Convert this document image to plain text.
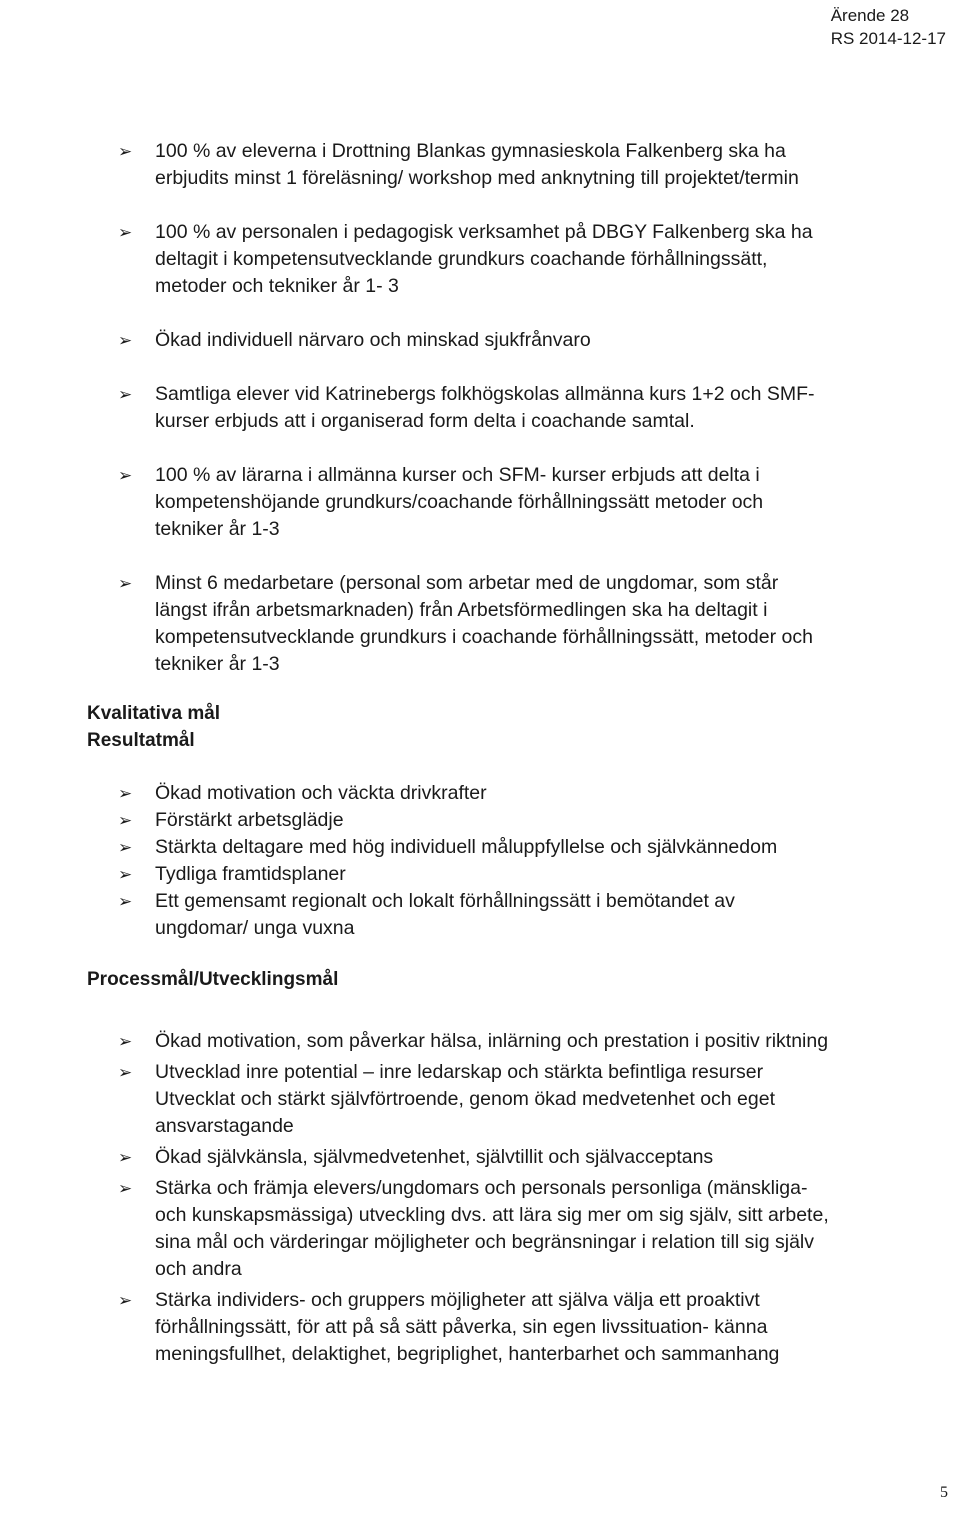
Ärende 28
RS 2014-12-17
➢	100 % av eleverna i Drottning Blankas gymnasieskola Falkenberg ska ha
erbjudits minst 1 föreläsning/ workshop med anknytning till projektet/termin
➢	100 % av personalen i pedagogisk verksamhet på DBGY Falkenberg ska ha
deltagit i kompetensutvecklande grundkurs coachande förhållningssätt,
metoder och tekniker år 1- 3
➢	Ökad individuell närvaro och minskad sjukfrånvaro
➢	Samtliga elever vid Katrinebergs folkhögskolas allmänna kurs 1+2 och SMF-
kurser erbjuds att i organiserad form delta i coachande samtal.
➢	100 % av lärarna i allmänna kurser och SFM- kurser erbjuds att delta i
kompetenshöjande grundkurs/coachande förhållningssätt metoder och
tekniker år 1-3
➢	Minst 6 medarbetare (personal som arbetar med de ungdomar, som står
längst ifrån arbetsmarknaden) från Arbetsförmedlingen ska ha deltagit i
kompetensutvecklande grundkurs i coachande förhållningssätt, metoder och
tekniker år 1-3
Kvalitativa mål
Resultatmål
➢	Ökad motivation och väckta drivkrafter
➢	Förstärkt arbetsglädje
➢	Stärkta deltagare med hög individuell måluppfyllelse och självkännedom
➢	Tydliga framtidsplaner
➢	Ett gemensamt regionalt och lokalt förhållningssätt i bemötandet av
ungdomar/ unga vuxna
Processmål/Utvecklingsmål
➢	Ökad motivation, som påverkar hälsa, inlärning och prestation i positiv riktning
➢	Utvecklad inre potential – inre ledarskap och stärkta befintliga resurser
Utvecklat och stärkt självförtroende, genom ökad medvetenhet och eget
ansvarstagande
➢	Ökad självkänsla, självmedvetenhet, självtillit och självacceptans
➢	Stärka och främja elevers/ungdomars och personals personliga (mänskliga-
och kunskapsmässiga) utveckling dvs. att lära sig mer om sig själv, sitt arbete,
sina mål och värderingar möjligheter och begränsningar i relation till sig själv
och andra
➢	Stärka individers- och gruppers möjligheter att själva välja ett proaktivt
förhållningssätt, för att på så sätt påverka, sin egen livssituation- känna
meningsfullhet, delaktighet, begriplighet, hanterbarhet och sammanhang
5
